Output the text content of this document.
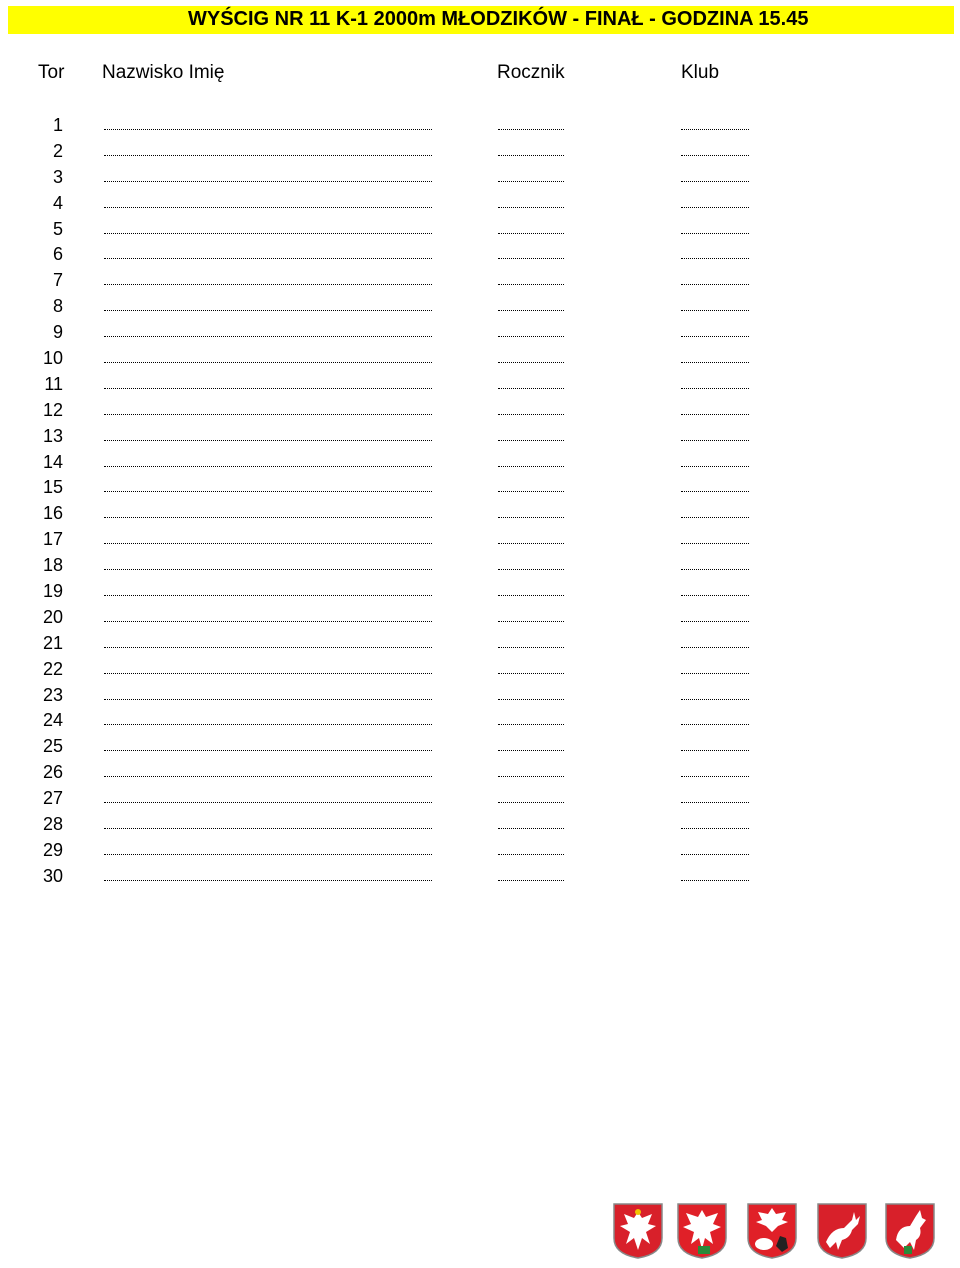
WYŚCIG NR 11 K-1 2000m MŁODZIKÓW - FINAŁ - GODZINA 15.45
Tor Nazwisko Imię	Rocznik	Klub
1
2
3
4
5
6
7
8
9
10
11
12
13
14
15
16
17
18
19
20
21
22
23
24
25
26
27
28
29
30
